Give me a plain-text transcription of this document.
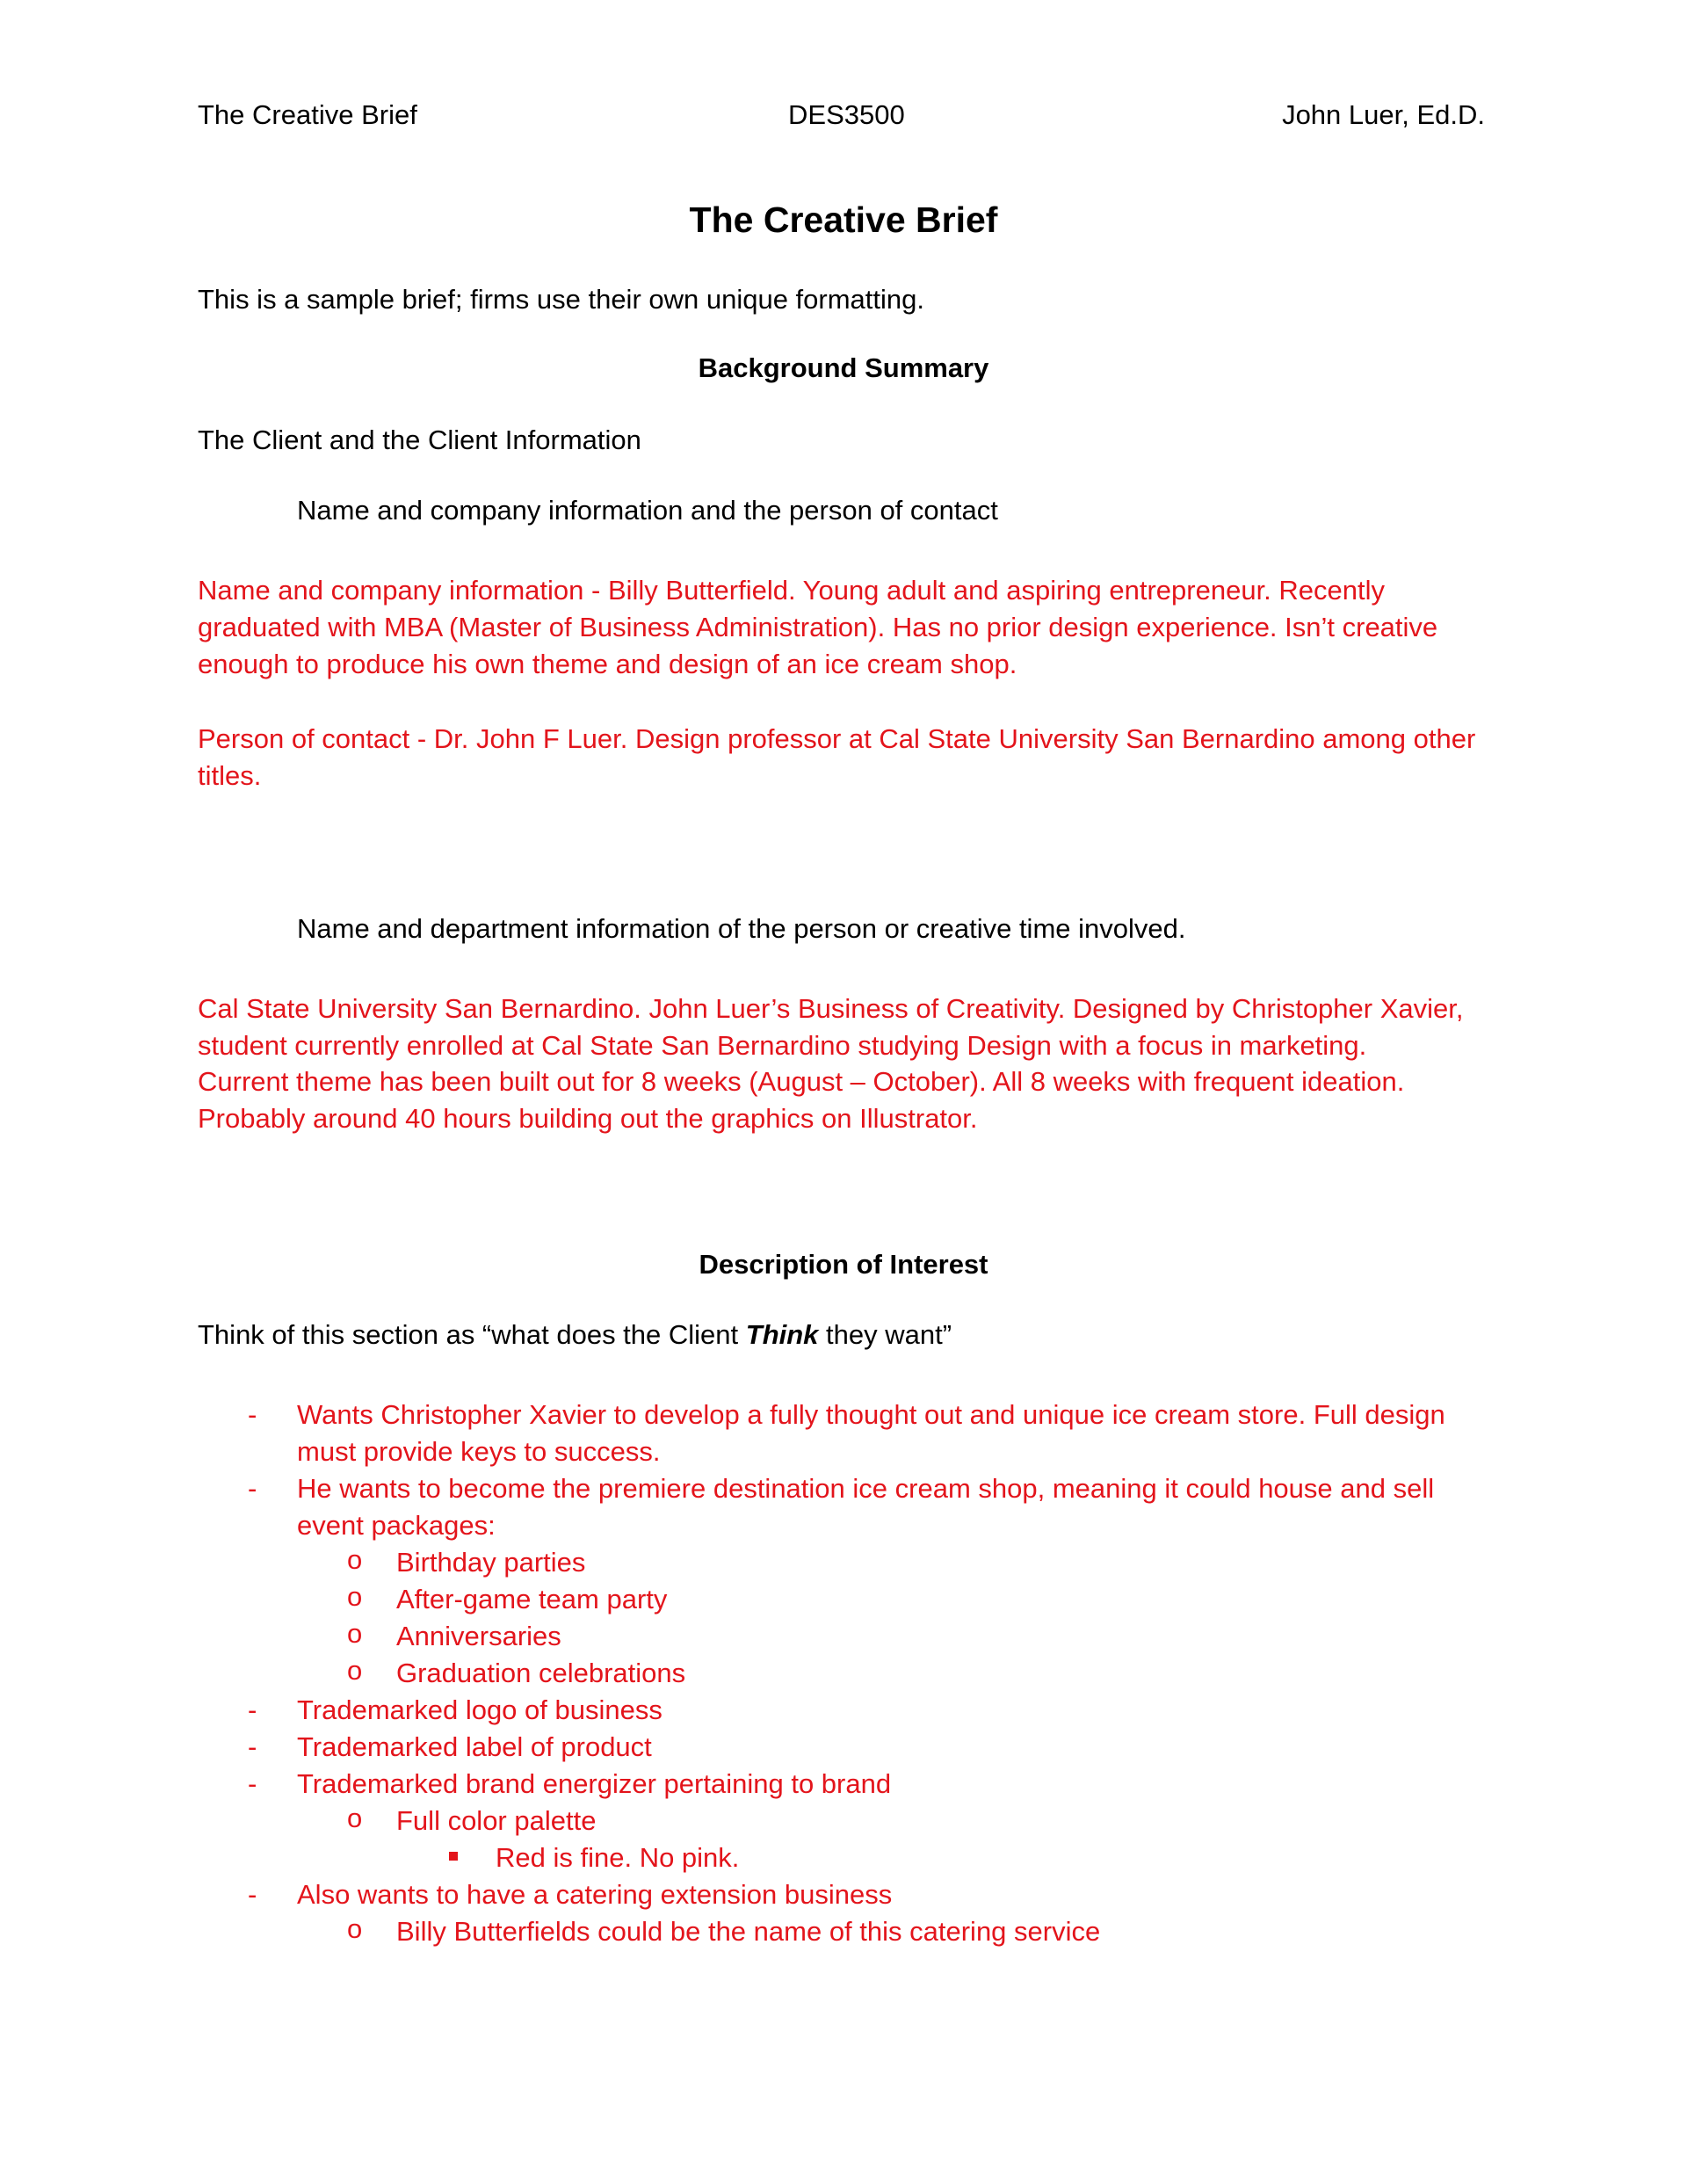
The Creative Brief	DES3500	John Luer, Ed.D.
The Creative Brief
This is a sample brief; firms use their own unique formatting.
Background Summary
The Client and the Client Information
Name and company information and the person of contact
Name and company information - Billy Butterfield. Young adult and aspiring entrepreneur. Recently
graduated with MBA (Master of Business Administration). Has no prior design experience. Isn’t creative
enough to produce his own theme and design of an ice cream shop.
Person of contact - Dr. John F Luer. Design professor at Cal State University San Bernardino among other
titles.
Name and department information of the person or creative time involved.
Cal State University San Bernardino. John Luer’s Business of Creativity. Designed by Christopher Xavier,
student currently enrolled at Cal State San Bernardino studying Design with a focus in marketing.
Current theme has been built out for 8 weeks (August – October). All 8 weeks with frequent ideation.
Probably around 40 hours building out the graphics on Illustrator.
Description of Interest
Think of this section as “what does the Client Think they want”
- Wants Christopher Xavier to develop a fully thought out and unique ice cream store. Full design
must provide keys to success.
- He wants to become the premiere destination ice cream shop, meaning it could house and sell
event packages:
o Birthday parties
o After-game team party
o Anniversaries
o Graduation celebrations
- Trademarked logo of business
- Trademarked label of product
- Trademarked brand energizer pertaining to brand
o Full color palette
Red is fine. No pink.
- Also wants to have a catering extension business
o Billy Butterfields could be the name of this catering service
